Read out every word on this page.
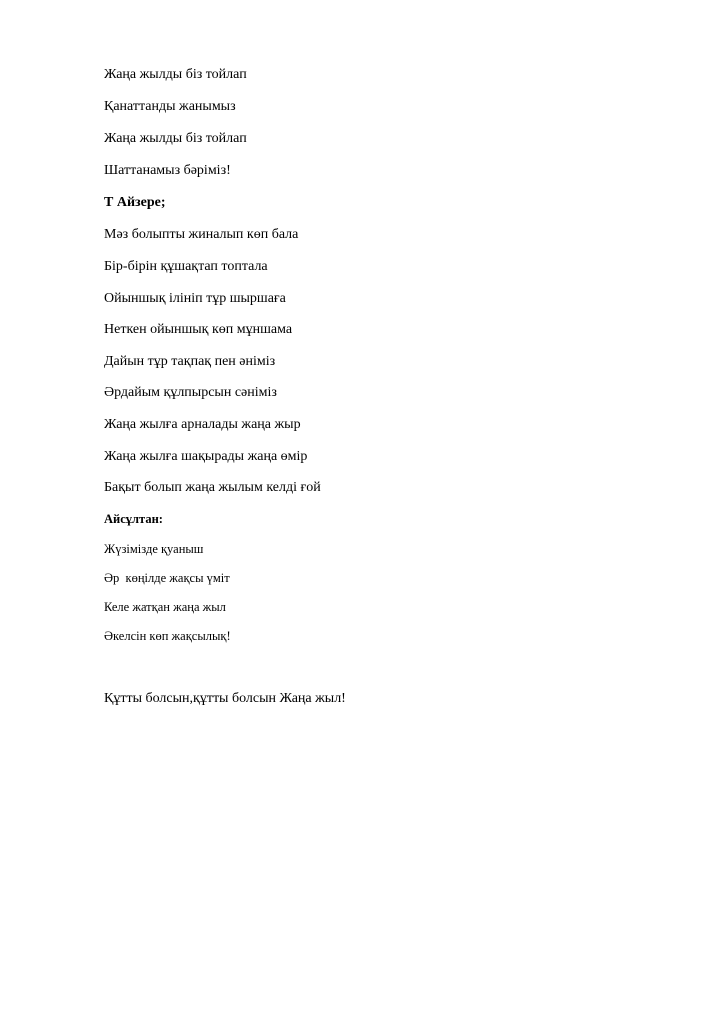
Жаңа жылды біз тойлап
Қанаттанды жанымыз
Жаңа жылды біз тойлап
Шаттанамыз бәріміз!
Т Айзере;
Мәз болыпты жиналып көп бала
Бір-бірін құшақтап топтала
Ойыншық ілініп тұр шыршаға
Неткен ойыншық көп мұншама
Дайын тұр тақпақ пен әніміз
Әрдайым құлпырсын сәніміз
Жаңа жылға арналады жаңа жыр
Жаңа жылға шақырады жаңа өмір
Бақыт болып жаңа жылым келді ғой
Айсұлтан:
Жүзімізде қуаныш
Әр  көңілде жақсы үміт
Келе жатқан жаңа жыл
Әкелсін көп жақсылық!
Құтты болсын,құтты болсын Жаңа жыл!
